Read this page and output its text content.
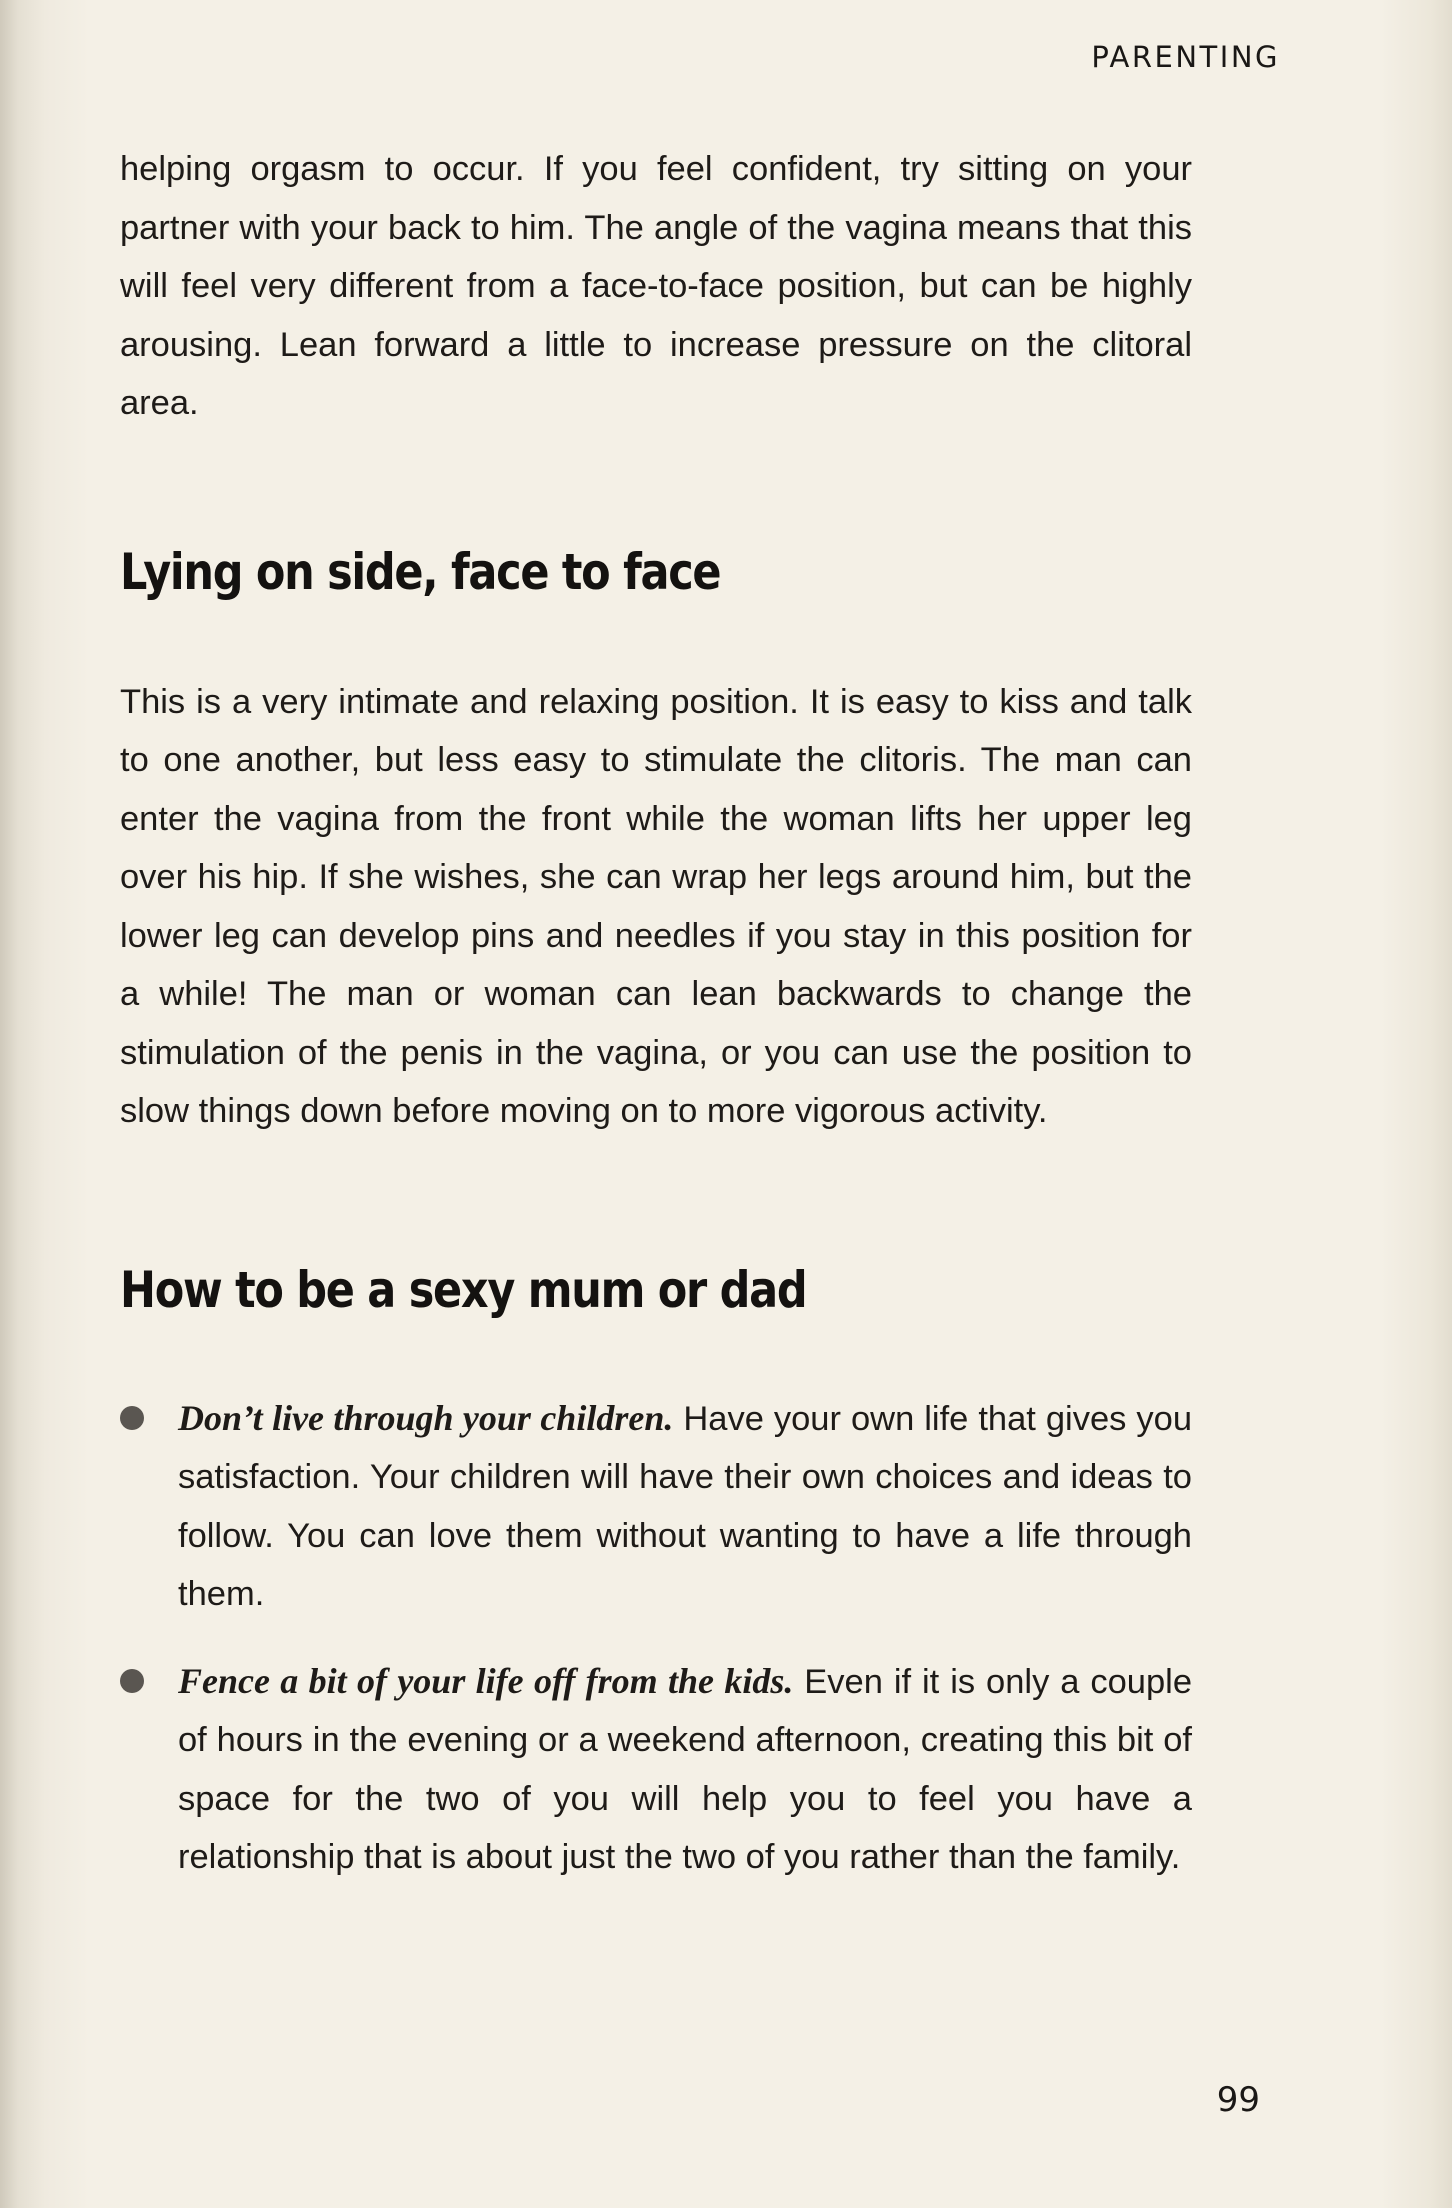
PARENTING

helping orgasm to occur. If you feel confident, try sitting on your partner with your back to him. The angle of the vagina means that this will feel very different from a face-to-face position, but can be highly arousing. Lean forward a little to increase pressure on the clitoral area.

Lying on side, face to face

This is a very intimate and relaxing position. It is easy to kiss and talk to one another, but less easy to stimulate the clitoris. The man can enter the vagina from the front while the woman lifts her upper leg over his hip. If she wishes, she can wrap her legs around him, but the lower leg can develop pins and needles if you stay in this position for a while! The man or woman can lean backwards to change the stimulation of the penis in the vagina, or you can use the position to slow things down before moving on to more vigorous activity.

How to be a sexy mum or dad

Don’t live through your children. Have your own life that gives you satisfaction. Your children will have their own choices and ideas to follow. You can love them without wanting to have a life through them.

Fence a bit of your life off from the kids. Even if it is only a couple of hours in the evening or a weekend afternoon, creating this bit of space for the two of you will help you to feel you have a relationship that is about just the two of you rather than the family.

99
